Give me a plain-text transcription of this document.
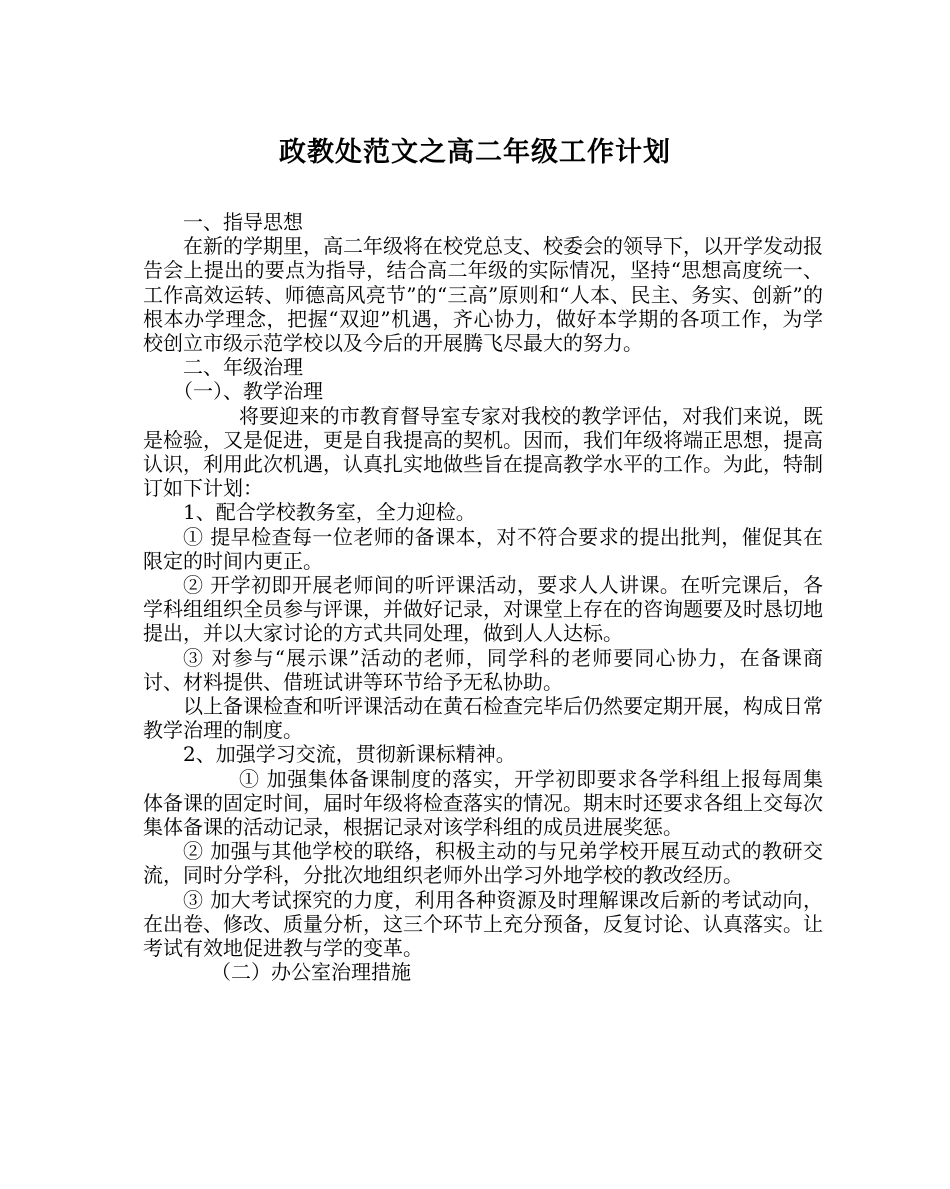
政教处范文之高二年级工作计划

一、指导思想

在新的学期里，高二年级将在校党总支、校委会的领导下，以开学发动报告会上提出的要点为指导，结合高二年级的实际情况，坚持“思想高度统一、工作高效运转、师德高风亮节”的“三高”原则和“人本、民主、务实、创新”的根本办学理念，把握“双迎”机遇，齐心协力，做好本学期的各项工作，为学校创立市级示范学校以及今后的开展腾飞尽最大的努力。

二、年级治理

（一）、教学治理

将要迎来的市教育督导室专家对我校的教学评估，对我们来说，既是检验，又是促进，更是自我提高的契机。因而，我们年级将端正思想，提高认识，利用此次机遇，认真扎实地做些旨在提高教学水平的工作。为此，特制订如下计划：

1、配合学校教务室，全力迎检。

① 提早检查每一位老师的备课本，对不符合要求的提出批判，催促其在限定的时间内更正。

② 开学初即开展老师间的听评课活动，要求人人讲课。在听完课后，各学科组组织全员参与评课，并做好记录，对课堂上存在的咨询题要及时恳切地提出，并以大家讨论的方式共同处理，做到人人达标。

③ 对参与“展示课”活动的老师，同学科的老师要同心协力，在备课商讨、材料提供、借班试讲等环节给予无私协助。

以上备课检查和听评课活动在黄石检查完毕后仍然要定期开展，构成日常教学治理的制度。

2、加强学习交流，贯彻新课标精神。

① 加强集体备课制度的落实，开学初即要求各学科组上报每周集体备课的固定时间，届时年级将检查落实的情况。期末时还要求各组上交每次集体备课的活动记录，根据记录对该学科组的成员进展奖惩。

② 加强与其他学校的联络，积极主动的与兄弟学校开展互动式的教研交流，同时分学科，分批次地组织老师外出学习外地学校的教改经历。

③ 加大考试探究的力度，利用各种资源及时理解课改后新的考试动向，在出卷、修改、质量分析，这三个环节上充分预备，反复讨论、认真落实。让考试有效地促进教与学的变革。

（二）办公室治理措施
